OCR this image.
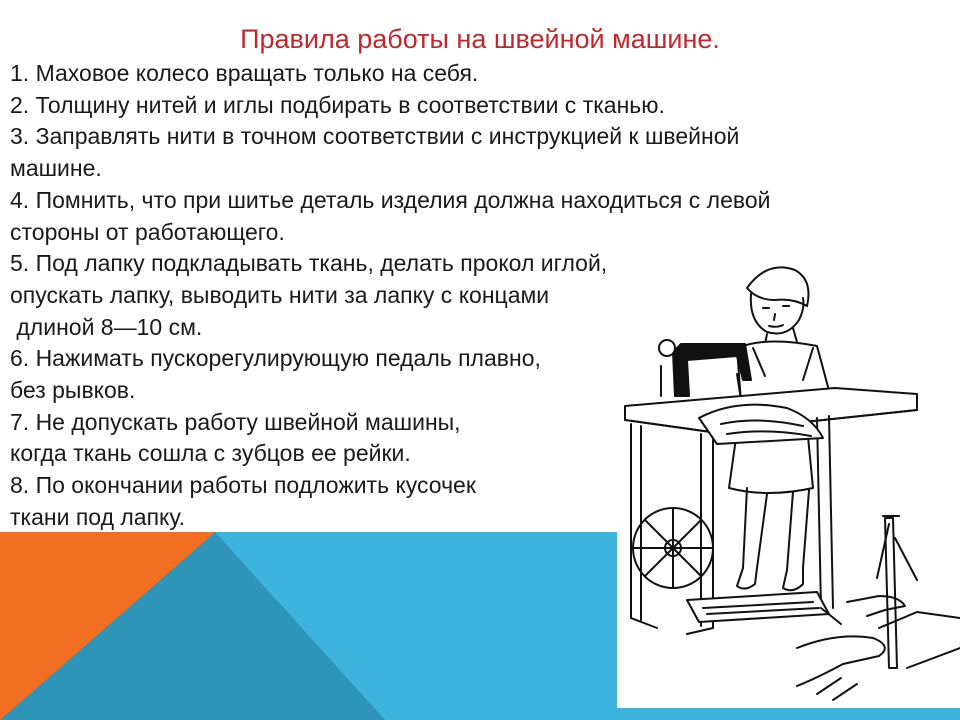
Правила работы на швейной машине.
1. Маховое колесо вращать только на себя.
2. Толщину нитей и иглы подбирать в соответствии с тканью.
3. Заправлять нити в точном соответствии с инструкцией к швейной
машине.
4. Помнить, что при шитье деталь изделия должна находиться с левой
стороны от работающего.
5. Под лапку подкладывать ткань, делать прокол иглой,
опускать лапку, выводить нити за лапку с концами
длиной 8—10 см.
6. Нажимать пускорегулирующую педаль плавно,
без рывков.
7. Не допускать работу швейной машины,
когда ткань сошла с зубцов ее рейки.
8. По окончании работы подложить кусочек
ткани под лапку.
